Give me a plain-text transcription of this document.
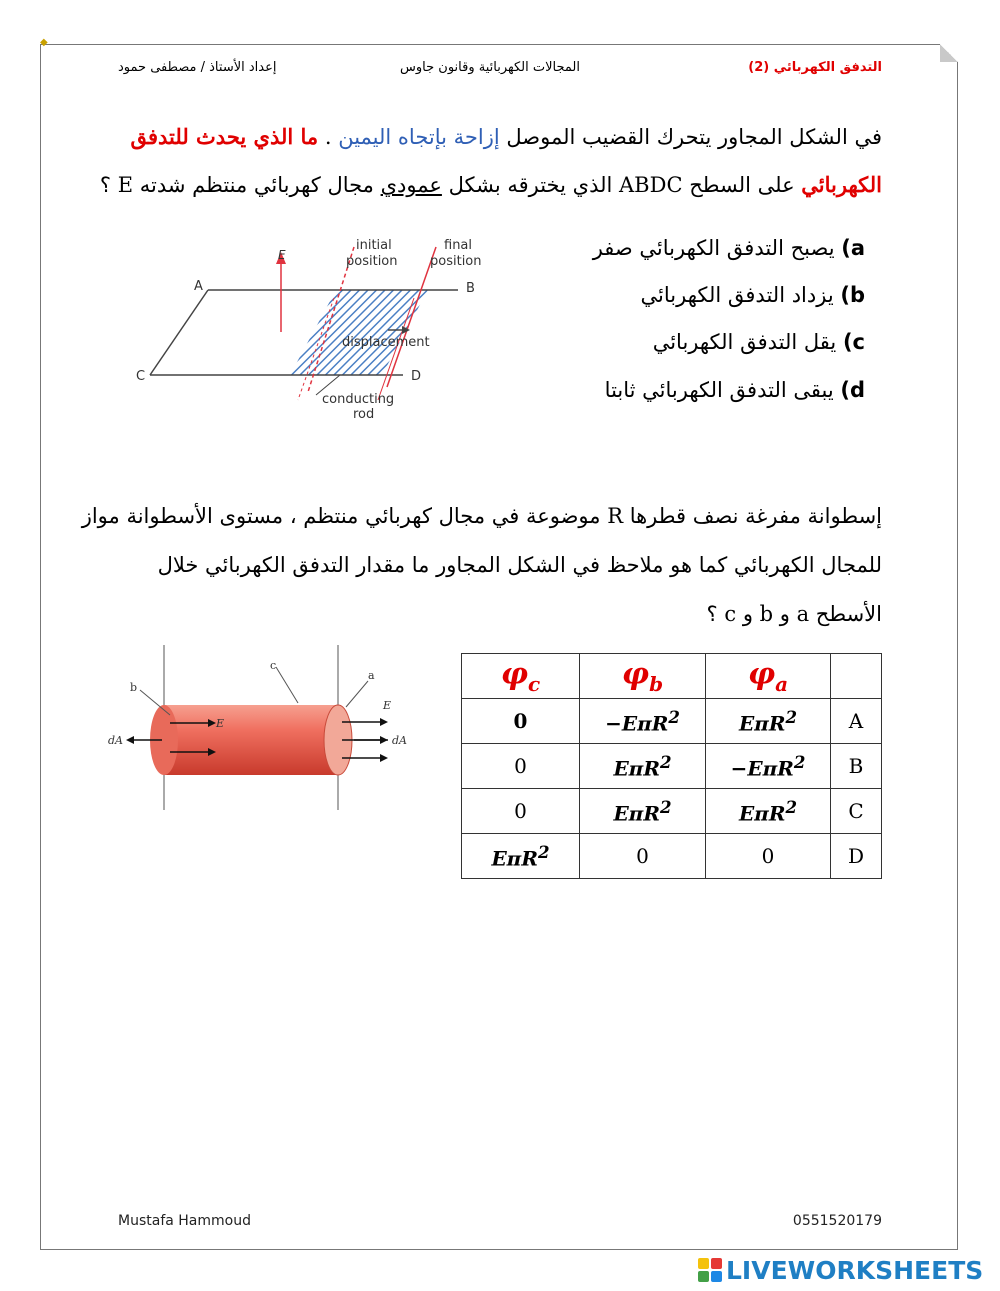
◆
التدفق الكهربائي (2)
المجالات الكهربائية وقانون جاوس
إعداد الأستاذ / مصطفى حمود
في الشكل المجاور يتحرك القضيب الموصل إزاحة بإتجاه اليمين . ما الذي يحدث للتدفق
الكهربائي على السطح ABDC الذي يخترقه بشكل عمودي مجال كهربائي منتظم شدته E ؟
a) يصبح التدفق الكهربائي صفر
b) يزداد التدفق الكهربائي
c) يقل التدفق الكهربائي
d) يبقى التدفق الكهربائي ثابتا
E
initial
position
final
position
displacement
conducting
rod
A	B
C	D
إسطوانة مفرغة نصف قطرها R موضوعة في مجال كهربائي منتظم ، مستوى الأسطوانة مواز
للمجال الكهربائي كما هو ملاحظ في الشكل المجاور ما مقدار التدفق الكهربائي خلال
الأسطح a و b و c ؟
b
c
a
E
E
dA	dA
$\varphi_c$	$\varphi_b$	$\varphi_a$	
0	−EπR$^2$	EπR$^2$	A
0	EπR$^2$	−EπR$^2$	B
0	EπR$^2$	EπR$^2$	C
EπR$^2$	0	0	D
Mustafa Hammoud	0551520179
LIVEWORKSHEETS
